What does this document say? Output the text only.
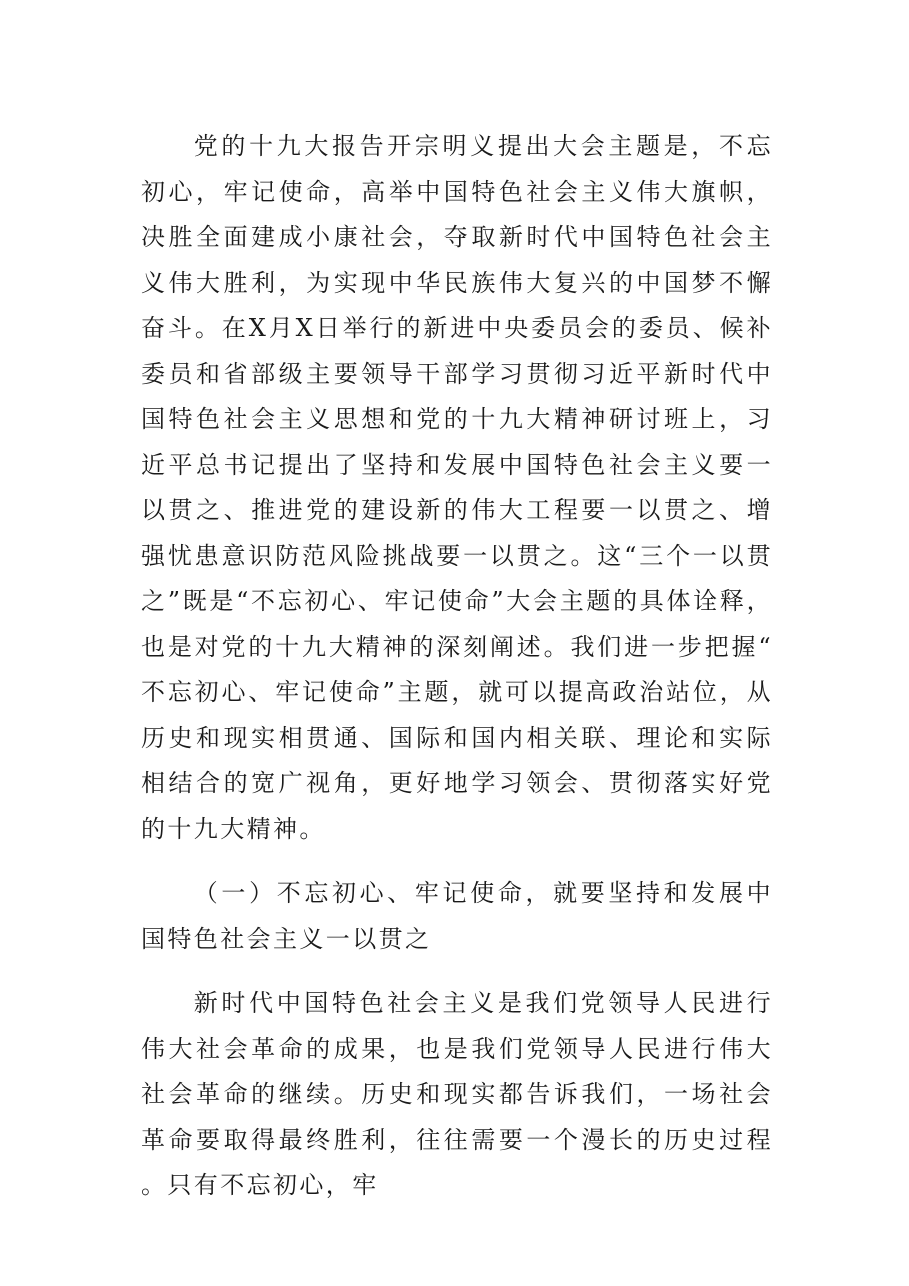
党的十九大报告开宗明义提出大会主题是，不忘初心，牢记使命，高举中国特色社会主义伟大旗帜，决胜全面建成小康社会，夺取新时代中国特色社会主义伟大胜利，为实现中华民族伟大复兴的中国梦不懈奋斗。在X月X日举行的新进中央委员会的委员、候补委员和省部级主要领导干部学习贯彻习近平新时代中国特色社会主义思想和党的十九大精神研讨班上，习近平总书记提出了坚持和发展中国特色社会主义要一以贯之、推进党的建设新的伟大工程要一以贯之、增强忧患意识防范风险挑战要一以贯之。这“三个一以贯之”既是“不忘初心、牢记使命”大会主题的具体诠释，也是对党的十九大精神的深刻阐述。我们进一步把握“不忘初心、牢记使命”主题，就可以提高政治站位，从历史和现实相贯通、国际和国内相关联、理论和实际相结合的宽广视角，更好地学习领会、贯彻落实好党的十九大精神。

（一）不忘初心、牢记使命，就要坚持和发展中国特色社会主义一以贯之

新时代中国特色社会主义是我们党领导人民进行伟大社会革命的成果，也是我们党领导人民进行伟大社会革命的继续。历史和现实都告诉我们，一场社会革命要取得最终胜利，往往需要一个漫长的历史过程。只有不忘初心，牢
